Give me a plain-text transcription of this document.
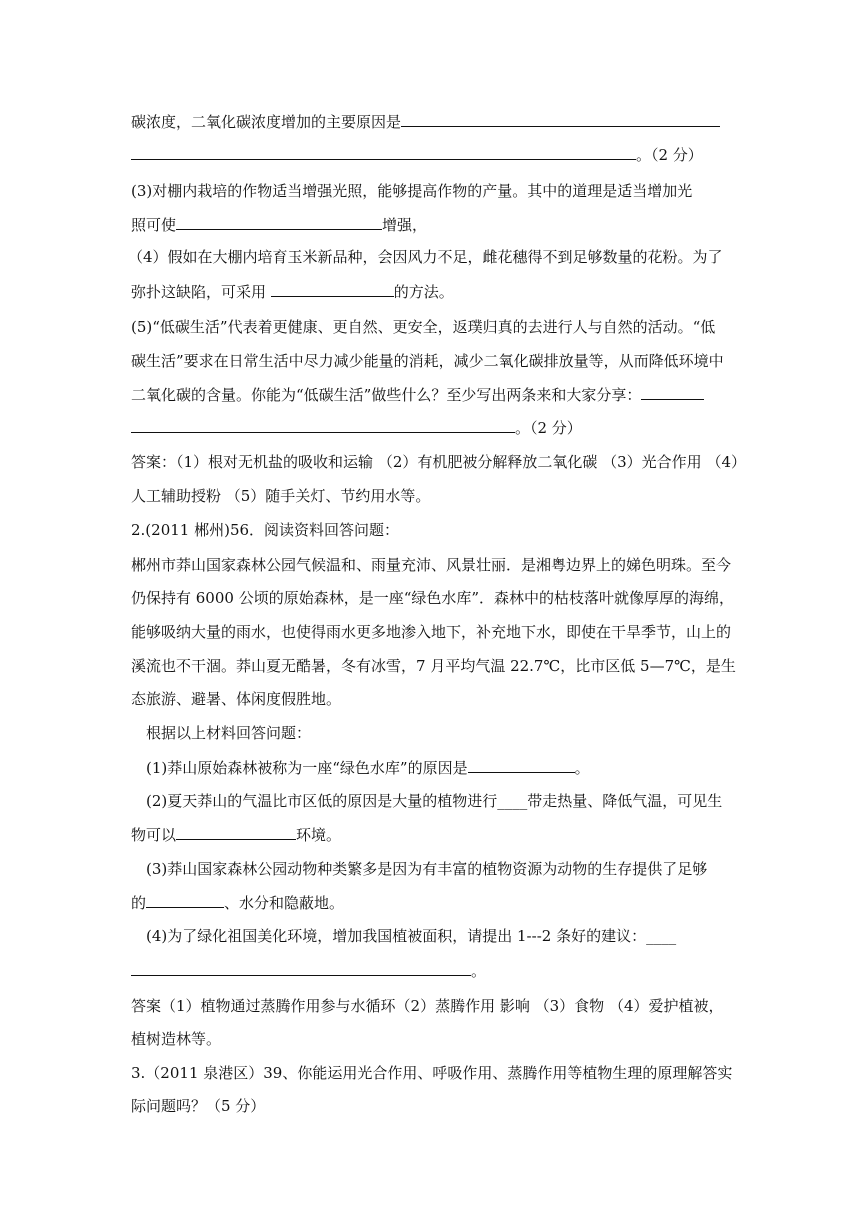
碳浓度，二氧化碳浓度增加的主要原因是

。（2 分）

(3)对棚内栽培的作物适当增强光照，能够提高作物的产量。其中的道理是适当增加光

照可使	增强，

（4）假如在大棚内培育玉米新品种，会因风力不足，雌花穗得不到足够数量的花粉。为了

弥扑这缺陷，可采用	的方法。

(5)“低碳生活”代表着更健康、更自然、更安全，返璞归真的去进行人与自然的活动。“低

碳生活”要求在日常生活中尽力减少能量的消耗，减少二氧化碳排放量等，从而降低环境中

二氧化碳的含量。你能为“低碳生活”做些什么？至少写出两条来和大家分享：

。（2 分）

答案：（1）根对无机盐的吸收和运输 （2）有机肥被分解释放二氧化碳 （3）光合作用 （4）

人工辅助授粉 （5）随手关灯、节约用水等。

2.(2011 郴州)56．阅读资料回答问题：

郴州市莽山国家森林公园气候温和、雨量充沛、风景壮丽．是湘粤边界上的娣色明珠。至今

仍保持有 6000 公顷的原始森林，是一座“绿色水库”．森林中的枯枝落叶就像厚厚的海绵，

能够吸纳大量的雨水，也使得雨水更多地渗入地下，补充地下水，即使在干旱季节，山上的

溪流也不干涸。莽山夏无酷暑，冬有冰雪，7 月平均气温 22.7℃，比市区低 5—7℃，是生

态旅游、避暑、体闲度假胜地。

根据以上材料回答问题：

(1)莽山原始森林被称为一座“绿色水库”的原因是	。

(2)夏天莽山的气温比市区低的原因是大量的植物进行____带走热量、降低气温，可见生

物可以	环境。

(3)莽山国家森林公园动物种类繁多是因为有丰富的植物资源为动物的生存提供了足够

的	、水分和隐蔽地。

(4)为了绿化祖国美化环境，增加我国植被面积，请提出 1---2 条好的建议：____

。

答案（1）植物通过蒸腾作用参与水循环（2）蒸腾作用 影响 （3）食物 （4）爱护植被，

植树造林等。

3.（2011 泉港区）39、你能运用光合作用、呼吸作用、蒸腾作用等植物生理的原理解答实

际问题吗？（5 分）
